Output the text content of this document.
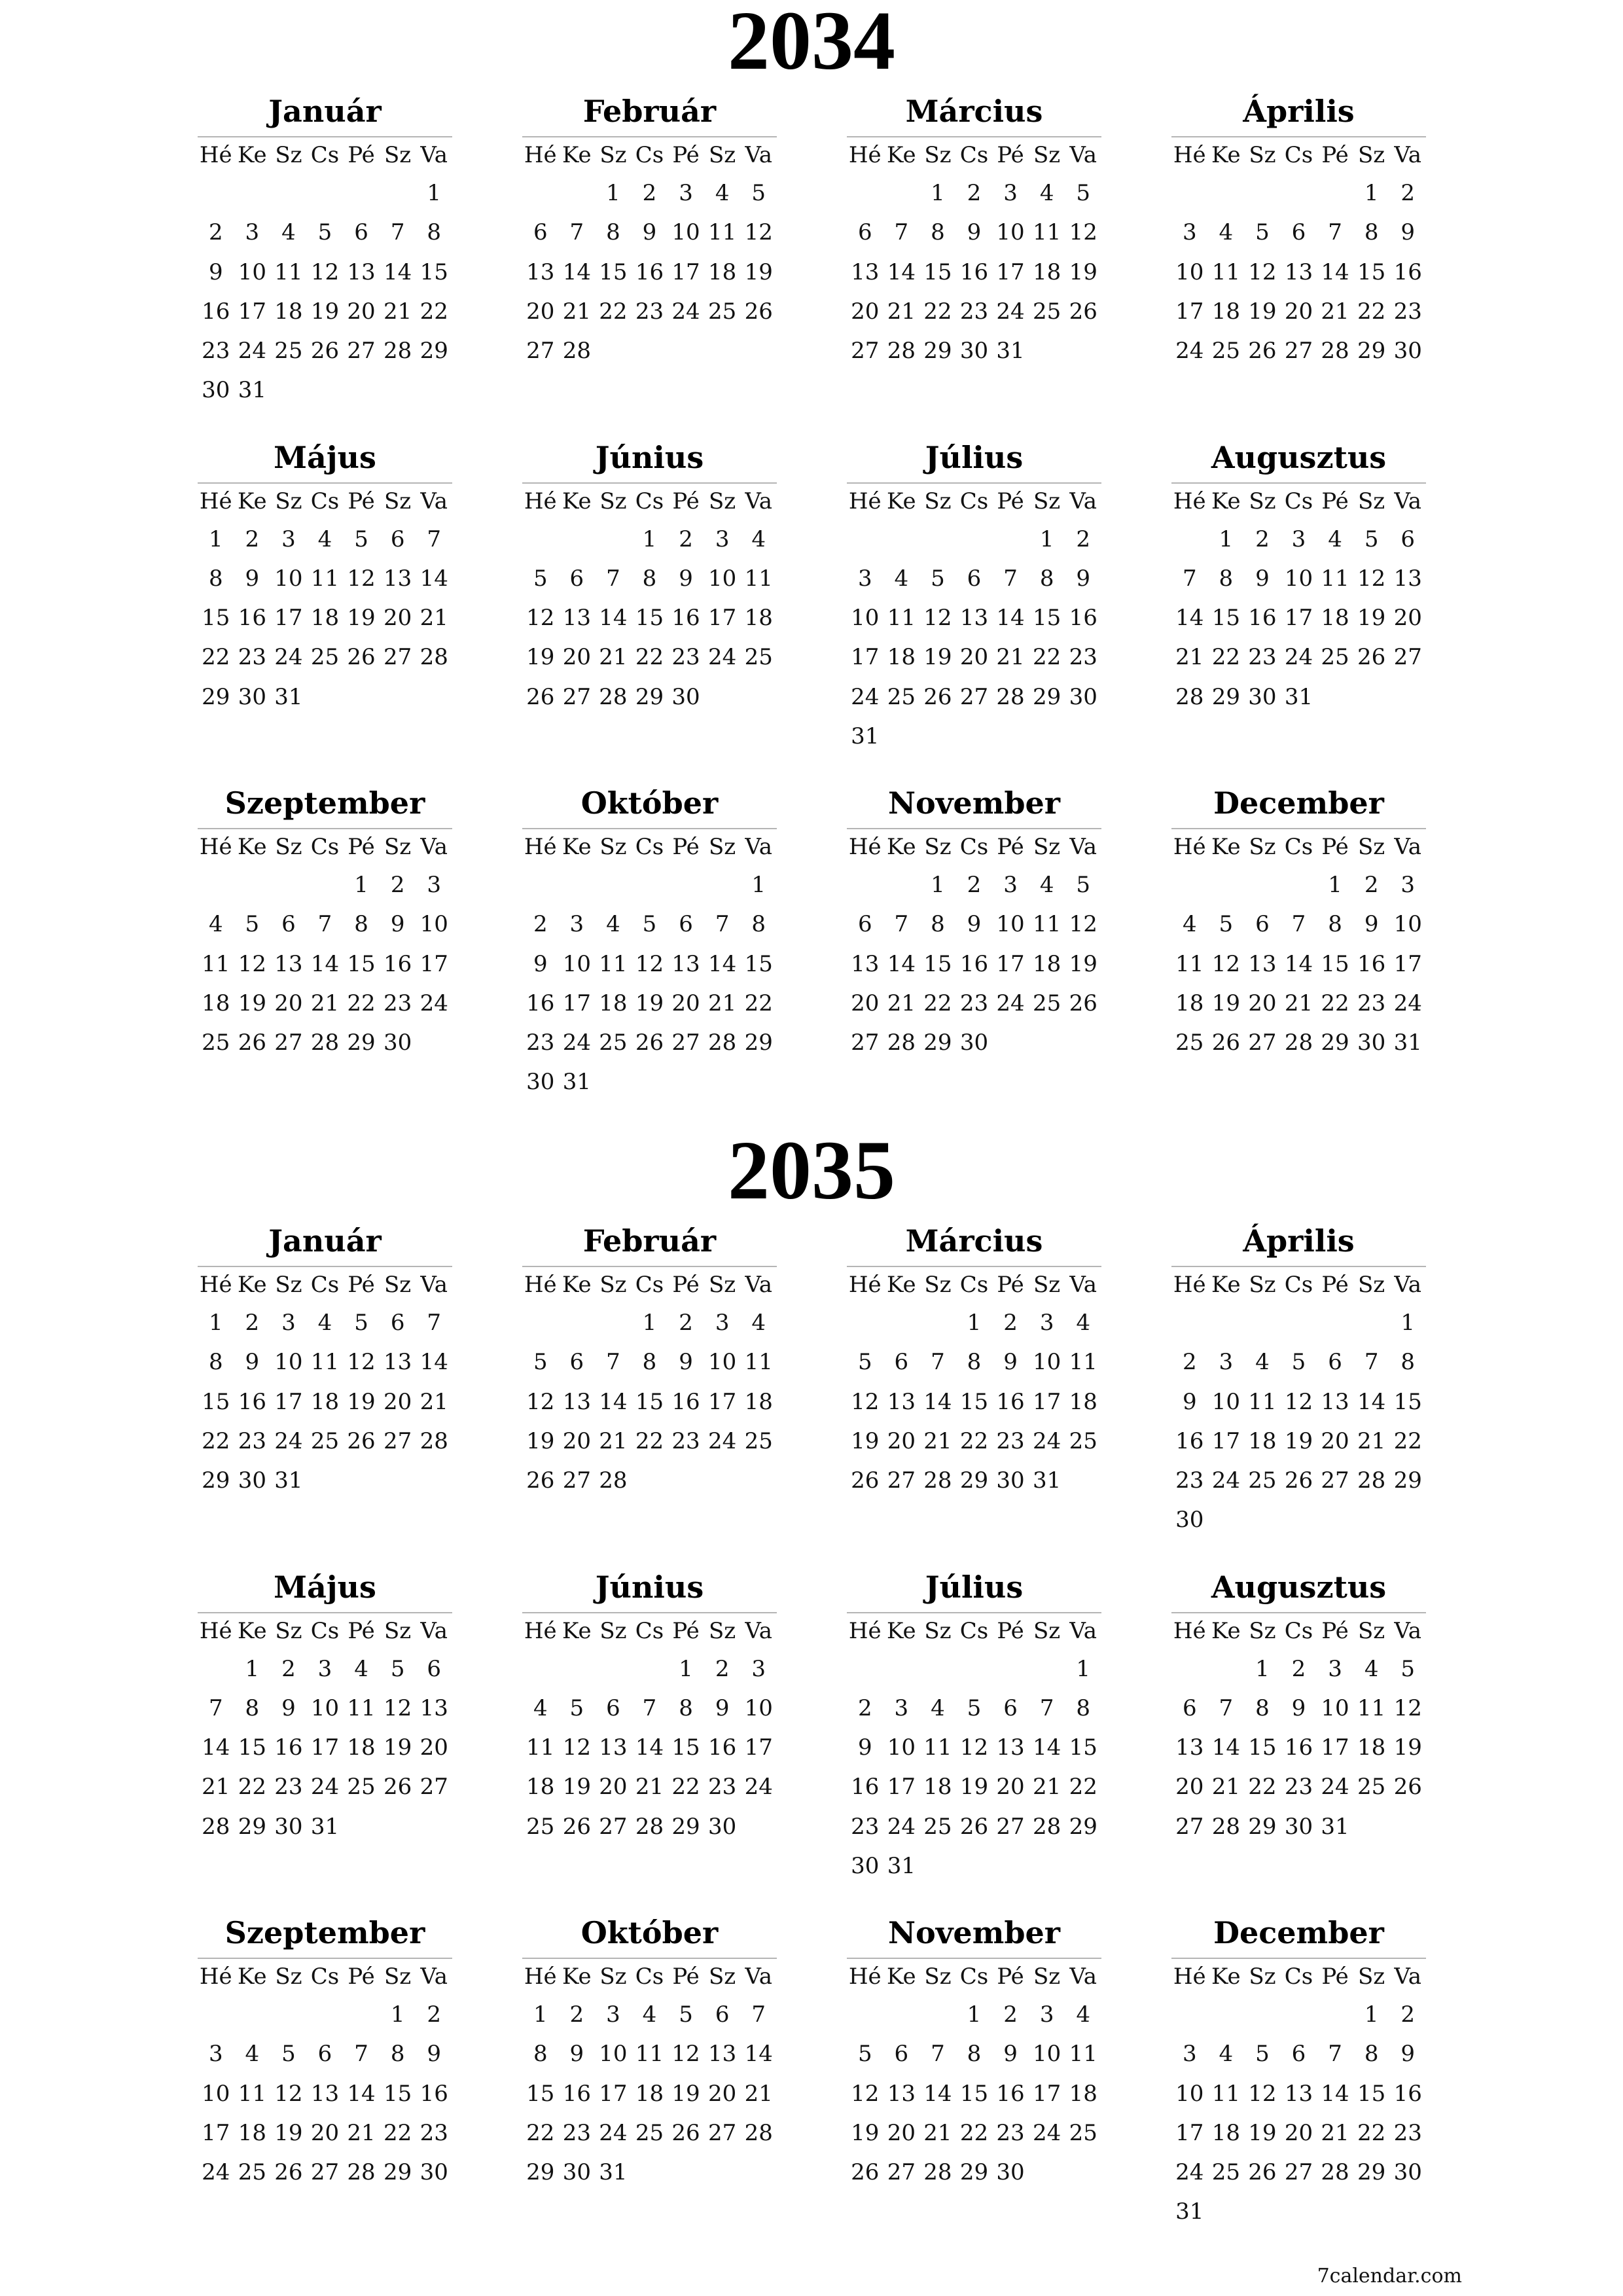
2034
Január
Hé Ke Sz Cs Pé Sz Va
1
2 3 4 5 6 7 8
9 10 11 12 13 14 15
16 17 18 19 20 21 22
23 24 25 26 27 28 29
30 31
Február
Hé Ke Sz Cs Pé Sz Va
1 2 3 4 5
6 7 8 9 10 11 12
13 14 15 16 17 18 19
20 21 22 23 24 25 26
27 28
Március
Hé Ke Sz Cs Pé Sz Va
1 2 3 4 5
6 7 8 9 10 11 12
13 14 15 16 17 18 19
20 21 22 23 24 25 26
27 28 29 30 31
Április
Hé Ke Sz Cs Pé Sz Va
1 2
3 4 5 6 7 8 9
10 11 12 13 14 15 16
17 18 19 20 21 22 23
24 25 26 27 28 29 30
Május
Hé Ke Sz Cs Pé Sz Va
1 2 3 4 5 6 7
8 9 10 11 12 13 14
15 16 17 18 19 20 21
22 23 24 25 26 27 28
29 30 31
Június
Hé Ke Sz Cs Pé Sz Va
1 2 3 4
5 6 7 8 9 10 11
12 13 14 15 16 17 18
19 20 21 22 23 24 25
26 27 28 29 30
Július
Hé Ke Sz Cs Pé Sz Va
1 2
3 4 5 6 7 8 9
10 11 12 13 14 15 16
17 18 19 20 21 22 23
24 25 26 27 28 29 30
31
Augusztus
Hé Ke Sz Cs Pé Sz Va
1 2 3 4 5 6
7 8 9 10 11 12 13
14 15 16 17 18 19 20
21 22 23 24 25 26 27
28 29 30 31
Szeptember
Hé Ke Sz Cs Pé Sz Va
1 2 3
4 5 6 7 8 9 10
11 12 13 14 15 16 17
18 19 20 21 22 23 24
25 26 27 28 29 30
Október
Hé Ke Sz Cs Pé Sz Va
1
2 3 4 5 6 7 8
9 10 11 12 13 14 15
16 17 18 19 20 21 22
23 24 25 26 27 28 29
30 31
November
Hé Ke Sz Cs Pé Sz Va
1 2 3 4 5
6 7 8 9 10 11 12
13 14 15 16 17 18 19
20 21 22 23 24 25 26
27 28 29 30
December
Hé Ke Sz Cs Pé Sz Va
1 2 3
4 5 6 7 8 9 10
11 12 13 14 15 16 17
18 19 20 21 22 23 24
25 26 27 28 29 30 31
2035
Január
Hé Ke Sz Cs Pé Sz Va
1 2 3 4 5 6 7
8 9 10 11 12 13 14
15 16 17 18 19 20 21
22 23 24 25 26 27 28
29 30 31
Február
Hé Ke Sz Cs Pé Sz Va
1 2 3 4
5 6 7 8 9 10 11
12 13 14 15 16 17 18
19 20 21 22 23 24 25
26 27 28
Március
Hé Ke Sz Cs Pé Sz Va
1 2 3 4
5 6 7 8 9 10 11
12 13 14 15 16 17 18
19 20 21 22 23 24 25
26 27 28 29 30 31
Április
Hé Ke Sz Cs Pé Sz Va
1
2 3 4 5 6 7 8
9 10 11 12 13 14 15
16 17 18 19 20 21 22
23 24 25 26 27 28 29
30
Május
Hé Ke Sz Cs Pé Sz Va
1 2 3 4 5 6
7 8 9 10 11 12 13
14 15 16 17 18 19 20
21 22 23 24 25 26 27
28 29 30 31
Június
Hé Ke Sz Cs Pé Sz Va
1 2 3
4 5 6 7 8 9 10
11 12 13 14 15 16 17
18 19 20 21 22 23 24
25 26 27 28 29 30
Július
Hé Ke Sz Cs Pé Sz Va
1
2 3 4 5 6 7 8
9 10 11 12 13 14 15
16 17 18 19 20 21 22
23 24 25 26 27 28 29
30 31
Augusztus
Hé Ke Sz Cs Pé Sz Va
1 2 3 4 5
6 7 8 9 10 11 12
13 14 15 16 17 18 19
20 21 22 23 24 25 26
27 28 29 30 31
Szeptember
Hé Ke Sz Cs Pé Sz Va
1 2
3 4 5 6 7 8 9
10 11 12 13 14 15 16
17 18 19 20 21 22 23
24 25 26 27 28 29 30
Október
Hé Ke Sz Cs Pé Sz Va
1 2 3 4 5 6 7
8 9 10 11 12 13 14
15 16 17 18 19 20 21
22 23 24 25 26 27 28
29 30 31
November
Hé Ke Sz Cs Pé Sz Va
1 2 3 4
5 6 7 8 9 10 11
12 13 14 15 16 17 18
19 20 21 22 23 24 25
26 27 28 29 30
December
Hé Ke Sz Cs Pé Sz Va
1 2
3 4 5 6 7 8 9
10 11 12 13 14 15 16
17 18 19 20 21 22 23
24 25 26 27 28 29 30
31
7calendar.com
